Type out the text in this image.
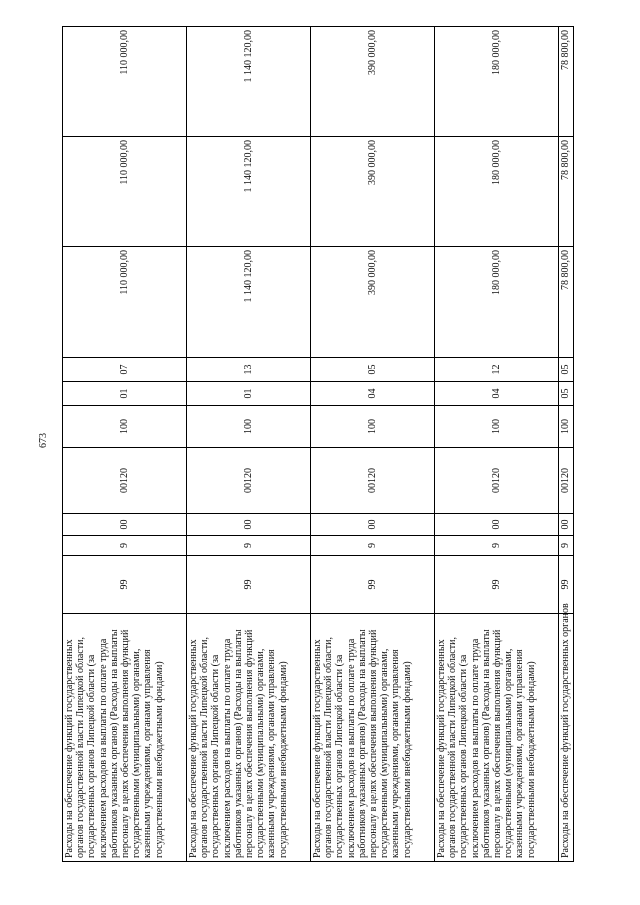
673
Расходы на обеспечение функций государственных органов государственной власти Липецкой области, государственных органов Липецкой области (за исключением расходов на выплаты по оплате труда работников указанных органов) (Расходы на выплаты персоналу в целях обеспечения выполнения функций государственными (муниципальными) органами, казенными учреждениями, органами управления государственными внебюджетными фондами)	99	9	00	00120	100	01	07	110 000,00	110 000,00	110 000,00
Расходы на обеспечение функций государственных органов государственной власти Липецкой области, государственных органов Липецкой области (за исключением расходов на выплаты по оплате труда работников указанных органов) (Расходы на выплаты персоналу в целях обеспечения выполнения функций государственными (муниципальными) органами, казенными учреждениями, органами управления государственными внебюджетными фондами)	99	9	00	00120	100	01	13	1 140 120,00	1 140 120,00	1 140 120,00
Расходы на обеспечение функций государственных органов государственной власти Липецкой области, государственных органов Липецкой области (за исключением расходов на выплаты по оплате труда работников указанных органов) (Расходы на выплаты персоналу в целях обеспечения выполнения функций государственными (муниципальными) органами, казенными учреждениями, органами управления государственными внебюджетными фондами)	99	9	00	00120	100	04	05	390 000,00	390 000,00	390 000,00
Расходы на обеспечение функций государственных органов государственной власти Липецкой области, государственных органов Липецкой области (за исключением расходов на выплаты по оплате труда работников указанных органов) (Расходы на выплаты персоналу в целях обеспечения выполнения функций государственными (муниципальными) органами, казенными учреждениями, органами управления государственными внебюджетными фондами)	99	9	00	00120	100	04	12	180 000,00	180 000,00	180 000,00
Расходы на обеспечение функций государственных органов	99	9	00	00120	100	05	05	78 800,00	78 800,00	78 800,00
